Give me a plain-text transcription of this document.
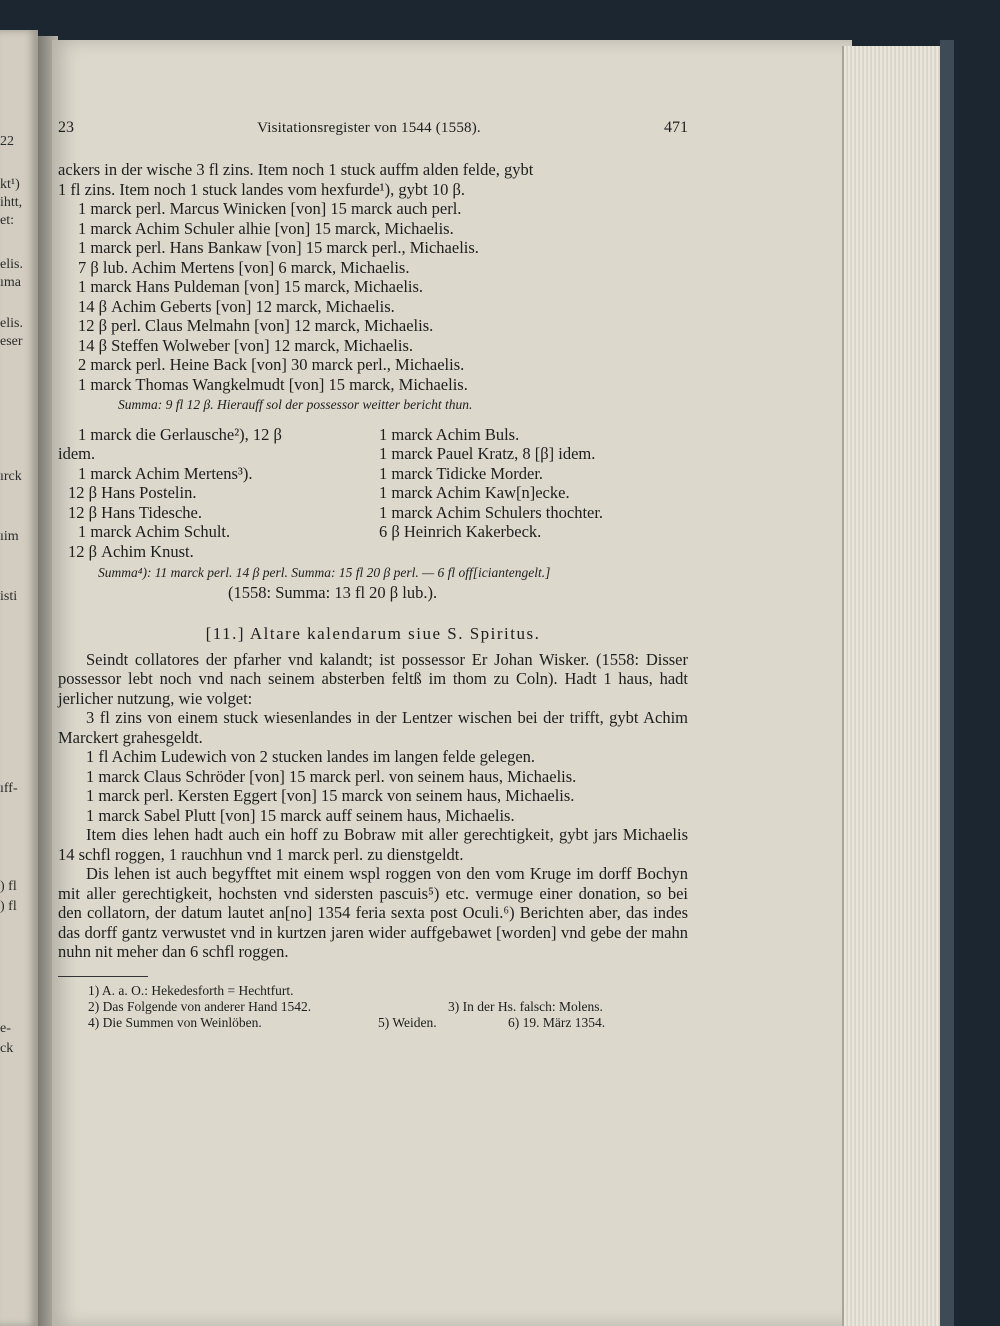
22
kt¹)
ihtt,
et:
elis.
ıma
elis.
eser
ırck
ıim
isti
ıff-
) fl
) fl
e-
ck
23	Visitationsregister von 1544 (1558).	471

ackers in der wische 3 fl zins. Item noch 1 stuck auffm alden felde, gybt

1 fl zins. Item noch 1 stuck landes vom hexfurde¹), gybt 10 β.

1 marck perl. Marcus Winicken [von] 15 marck auch perl.

1 marck Achim Schuler alhie [von] 15 marck, Michaelis.

1 marck perl. Hans Bankaw [von] 15 marck perl., Michaelis.

7 β lub. Achim Mertens [von] 6 marck, Michaelis.

1 marck Hans Puldeman [von] 15 marck, Michaelis.

14 β Achim Geberts [von] 12 marck, Michaelis.

12 β perl. Claus Melmahn [von] 12 marck, Michaelis.

14 β Steffen Wolweber [von] 12 marck, Michaelis.

2 marck perl. Heine Back [von] 30 marck perl., Michaelis.

1 marck Thomas Wangkelmudt [von] 15 marck, Michaelis.

Summa: 9 fl 12 β. Hierauff sol der possessor weitter bericht thun.

1 marck die Gerlausche²), 12 β

idem.

1 marck Achim Mertens³).

12 β Hans Postelin.

12 β Hans Tidesche.

1 marck Achim Schult.

12 β Achim Knust.

1 marck Achim Buls.

1 marck Pauel Kratz, 8 [β] idem.

1 marck Tidicke Morder.

1 marck Achim Kaw[n]ecke.

1 marck Achim Schulers thochter.

6 β Heinrich Kakerbeck.

Summa⁴): 11 marck perl. 14 β perl. Summa: 15 fl 20 β perl. — 6 fl off[iciantengelt.]

(1558: Summa: 13 fl 20 β lub.).

[11.] Altare kalendarum siue S. Spiritus.

Seindt collatores der pfarher vnd kalandt; ist possessor Er Johan Wisker. (1558: Disser possessor lebt noch vnd nach seinem absterben feltß im thom zu Coln). Hadt 1 haus, hadt jerlicher nutzung, wie volget:

3 fl zins von einem stuck wiesenlandes in der Lentzer wischen bei der trifft, gybt Achim Marckert grahesgeldt.

1 fl Achim Ludewich von 2 stucken landes im langen felde gelegen.

1 marck Claus Schröder [von] 15 marck perl. von seinem haus, Michaelis.

1 marck perl. Kersten Eggert [von] 15 marck von seinem haus, Michaelis.

1 marck Sabel Plutt [von] 15 marck auff seinem haus, Michaelis.

Item dies lehen hadt auch ein hoff zu Bobraw mit aller gerechtigkeit, gybt jars Michaelis 14 schfl roggen, 1 rauchhun vnd 1 marck perl. zu dienstgeldt.

Dis lehen ist auch begyfftet mit einem wspl roggen von den vom Kruge im dorff Bochyn mit aller gerechtigkeit, hochsten vnd sidersten pascuis⁵) etc. vermuge einer donation, so bei den collatorn, der datum lautet an[no] 1354 feria sexta post Oculi.⁶) Berichten aber, das indes das dorff gantz verwustet vnd in kurtzen jaren wider auffgebawet [worden] vnd gebe der mahn nuhn nit meher dan 6 schfl roggen.

1) A. a. O.: Hekedesforth = Hechtfurt.
2) Das Folgende von anderer Hand 1542.	3) In der Hs. falsch: Molens.
4) Die Summen von Weinlöben.	5) Weiden.	6) 19. März 1354.
